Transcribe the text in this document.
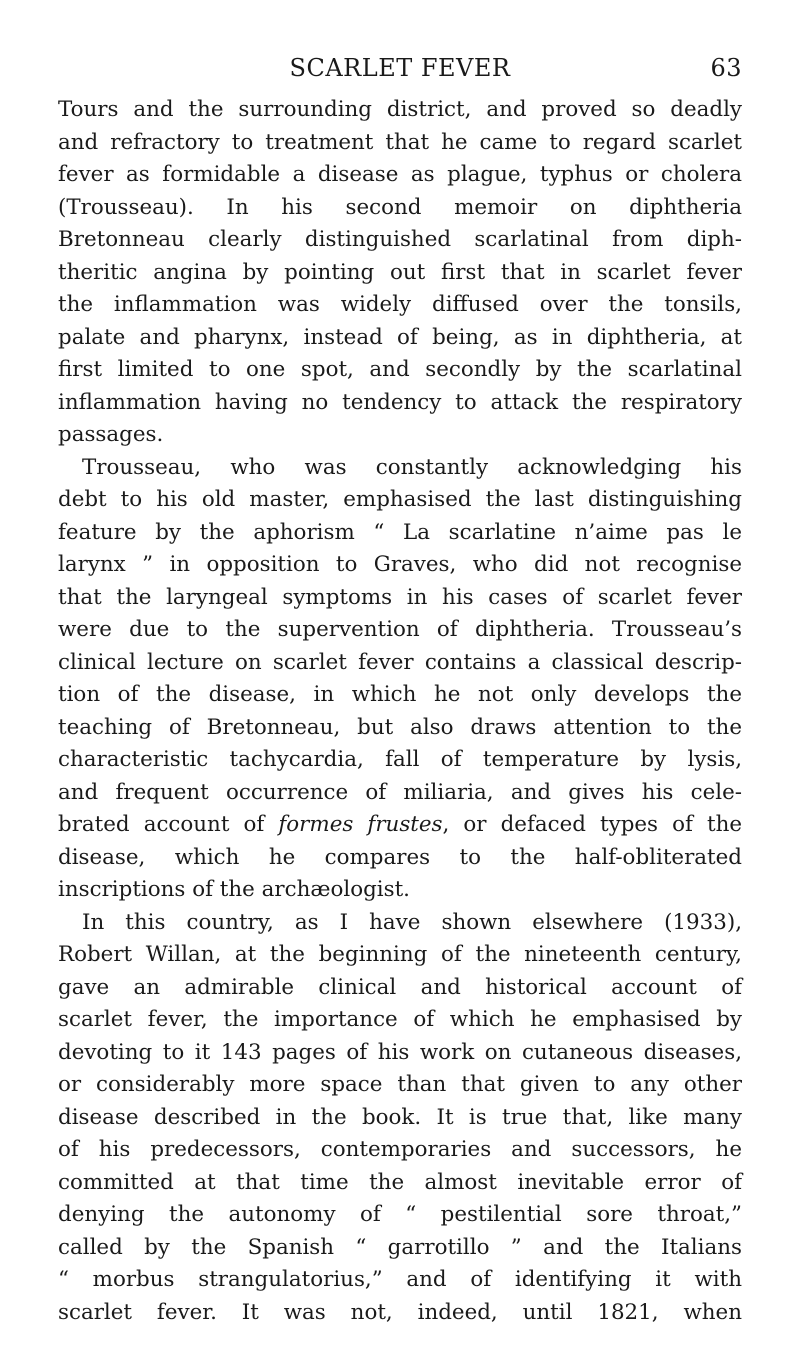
SCARLET FEVER	63
Tours and the surrounding district, and proved so deadly
and refractory to treatment that he came to regard scarlet
fever as formidable a disease as plague, typhus or cholera
(Trousseau). In his second memoir on diphtheria
Bretonneau clearly distinguished scarlatinal from diph-
theritic angina by pointing out first that in scarlet fever
the inflammation was widely diffused over the tonsils,
palate and pharynx, instead of being, as in diphtheria, at
first limited to one spot, and secondly by the scarlatinal
inflammation having no tendency to attack the respiratory
passages.
Trousseau, who was constantly acknowledging his
debt to his old master, emphasised the last distinguishing
feature by the aphorism “ La scarlatine n’aime pas le
larynx ” in opposition to Graves, who did not recognise
that the laryngeal symptoms in his cases of scarlet fever
were due to the supervention of diphtheria. Trousseau’s
clinical lecture on scarlet fever contains a classical descrip-
tion of the disease, in which he not only develops the
teaching of Bretonneau, but also draws attention to the
characteristic tachycardia, fall of temperature by lysis,
and frequent occurrence of miliaria, and gives his cele-
brated account of formes frustes, or defaced types of the
disease, which he compares to the half-obliterated
inscriptions of the archæologist.
In this country, as I have shown elsewhere (1933),
Robert Willan, at the beginning of the nineteenth century,
gave an admirable clinical and historical account of
scarlet fever, the importance of which he emphasised by
devoting to it 143 pages of his work on cutaneous diseases,
or considerably more space than that given to any other
disease described in the book. It is true that, like many
of his predecessors, contemporaries and successors, he
committed at that time the almost inevitable error of
denying the autonomy of “ pestilential sore throat,”
called by the Spanish “ garrotillo ” and the Italians
“ morbus strangulatorius,” and of identifying it with
scarlet fever. It was not, indeed, until 1821, when
